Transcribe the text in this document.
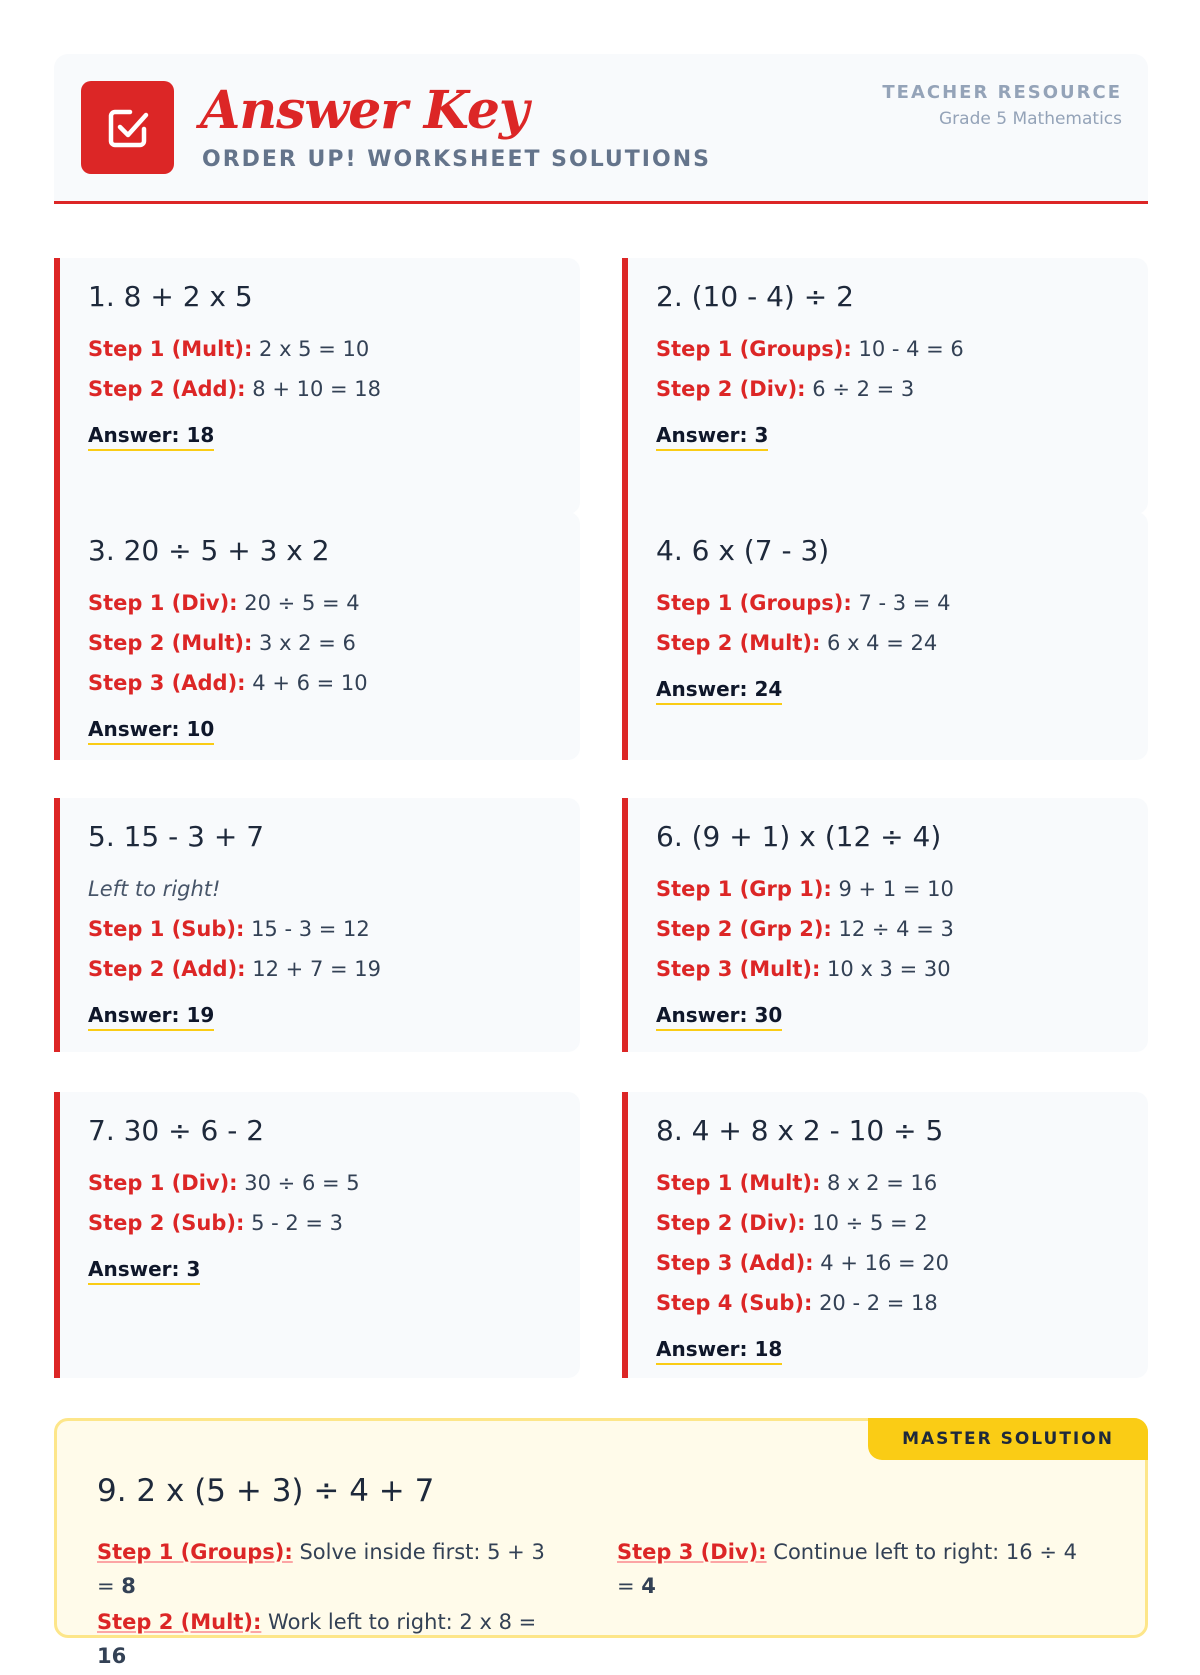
Answer Key
ORDER UP! WORKSHEET SOLUTIONS
TEACHER RESOURCE
Grade 5 Mathematics
1. 8 + 2 x 5
Step 1 (Mult): 2 x 5 = 10
Step 2 (Add): 8 + 10 = 18
Answer: 18
2. (10 - 4) ÷ 2
Step 1 (Groups): 10 - 4 = 6
Step 2 (Div): 6 ÷ 2 = 3
Answer: 3
3. 20 ÷ 5 + 3 x 2
Step 1 (Div): 20 ÷ 5 = 4
Step 2 (Mult): 3 x 2 = 6
Step 3 (Add): 4 + 6 = 10
Answer: 10
4. 6 x (7 - 3)
Step 1 (Groups): 7 - 3 = 4
Step 2 (Mult): 6 x 4 = 24
Answer: 24
5. 15 - 3 + 7
Left to right!
Step 1 (Sub): 15 - 3 = 12
Step 2 (Add): 12 + 7 = 19
Answer: 19
6. (9 + 1) x (12 ÷ 4)
Step 1 (Grp 1): 9 + 1 = 10
Step 2 (Grp 2): 12 ÷ 4 = 3
Step 3 (Mult): 10 x 3 = 30
Answer: 30
7. 30 ÷ 6 - 2
Step 1 (Div): 30 ÷ 6 = 5
Step 2 (Sub): 5 - 2 = 3
Answer: 3
8. 4 + 8 x 2 - 10 ÷ 5
Step 1 (Mult): 8 x 2 = 16
Step 2 (Div): 10 ÷ 5 = 2
Step 3 (Add): 4 + 16 = 20
Step 4 (Sub): 20 - 2 = 18
Answer: 18
MASTER SOLUTION
9. 2 x (5 + 3) ÷ 4 + 7
Step 1 (Groups): Solve inside first: 5 + 3 = 8
Step 2 (Mult): Work left to right: 2 x 8 = 16
Step 3 (Div): Continue left to right: 16 ÷ 4 = 4
